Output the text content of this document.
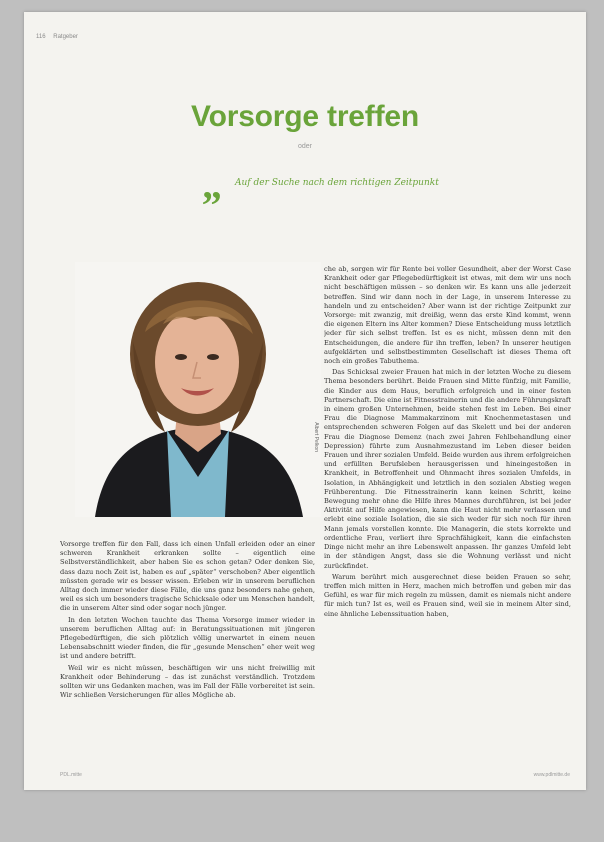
116 Ratgeber
Vorsorge treffen
oder
„ Auf der Suche nach dem richtigen Zeitpunkt
Albert Pelkon

Vorsorge treffen für den Fall, dass ich einen Unfall erleiden oder an einer schweren Krankheit erkranken sollte – eigentlich eine Selbstverständlichkeit, aber haben Sie es schon getan? Oder denken Sie, dass dazu noch Zeit ist, haben es auf „später“ verschoben? Aber eigentlich müssten gerade wir es besser wissen. Erleben wir in unserem beruflichen Alltag doch immer wieder diese Fälle, die uns ganz besonders nahe gehen, weil es sich um besonders tragische Schicksale oder um Menschen handelt, die in unserem Alter sind oder sogar noch jünger.

In den letzten Wochen tauchte das Thema Vorsorge immer wieder in unserem beruflichen Alltag auf: in Beratungssituationen mit jüngeren Pflegebedürftigen, die sich plötzlich völlig unerwartet in einem neuen Lebensabschnitt wieder finden, die für „gesunde Menschen“ eher weit weg ist und andere betrifft.

Weil wir es nicht müssen, beschäftigen wir uns nicht freiwillig mit Krankheit oder Behinderung – das ist zunächst verständlich. Trotzdem sollten wir uns Gedanken machen, was im Fall der Fälle vorbereitet ist sein. Wir schließen Versicherungen für alles Mögliche ab.

che ab, sorgen wir für Rente bei voller Gesundheit, aber der Worst Case Krankheit oder gar Pflegebedürftigkeit ist etwas, mit dem wir uns noch nicht beschäftigen müssen – so denken wir. Es kann uns alle jederzeit betreffen. Sind wir dann noch in der Lage, in unserem Interesse zu handeln und zu entscheiden? Aber wann ist der richtige Zeitpunkt zur Vorsorge: mit zwanzig, mit dreißig, wenn das erste Kind kommt, wenn die eigenen Eltern ins Alter kommen? Diese Entscheidung muss letztlich jeder für sich selbst treffen. Ist es es nicht, müssen denn mit den Entscheidungen, die andere für ihn treffen, leben? In unserer heutigen aufgeklärten und selbstbestimmten Gesellschaft ist dieses Thema oft noch ein großes Tabuthema.

Das Schicksal zweier Frauen hat mich in der letzten Woche zu diesem Thema besonders berührt. Beide Frauen sind Mitte fünfzig, mit Familie, die Kinder aus dem Haus, beruflich erfolgreich und in einer festen Partnerschaft. Die eine ist Fitnesstrainerin und die andere Führungskraft in einem großen Unternehmen, beide stehen fest im Leben. Bei einer Frau die Diagnose Mammakarzinom mit Knochenmetastasen und entsprechenden schweren Folgen auf das Skelett und bei der anderen Frau die Diagnose Demenz (nach zwei Jahren Fehlbehandlung einer Depression) führte zum Ausnahmezustand im Leben dieser beiden Frauen und ihrer sozialen Umfeld. Beide wurden aus ihrem erfolgreichen und erfüllten Berufsleben herausgerissen und hineingestoßen in Krankheit, in Betroffenheit und Ohnmacht ihres sozialen Umfelds, in Isolation, in Abhängigkeit und letztlich in den sozialen Abstieg wegen Frühberentung. Die Fitnesstrainerin kann keinen Schritt, keine Bewegung mehr ohne die Hilfe ihres Mannes durchführen, ist bei jeder Aktivität auf Hilfe angewiesen, kann die Haut nicht mehr verlassen und erlebt eine soziale Isolation, die sie sich weder für sich noch für ihren Mann jemals vorstellen konnte. Die Managerin, die stets korrekte und ordentliche Frau, verliert ihre Sprachfähigkeit, kann die einfachsten Dinge nicht mehr an ihre Lebenswelt anpassen. Ihr ganzes Umfeld lebt in der ständigen Angst, dass sie die Wohnung verlässt und nicht zurückfindet.

Warum berührt mich ausgerechnet diese beiden Frauen so sehr, treffen mich mitten in Herz, machen mich betroffen und geben mir das Gefühl, es war für mich regeln zu müssen, damit es niemals nicht andere für mich tun? Ist es, weil es Frauen sind, weil sie in meinem Alter sind, eine ähnliche Lebenssituation haben,

PDL.mitte	www.pdlmitte.de
